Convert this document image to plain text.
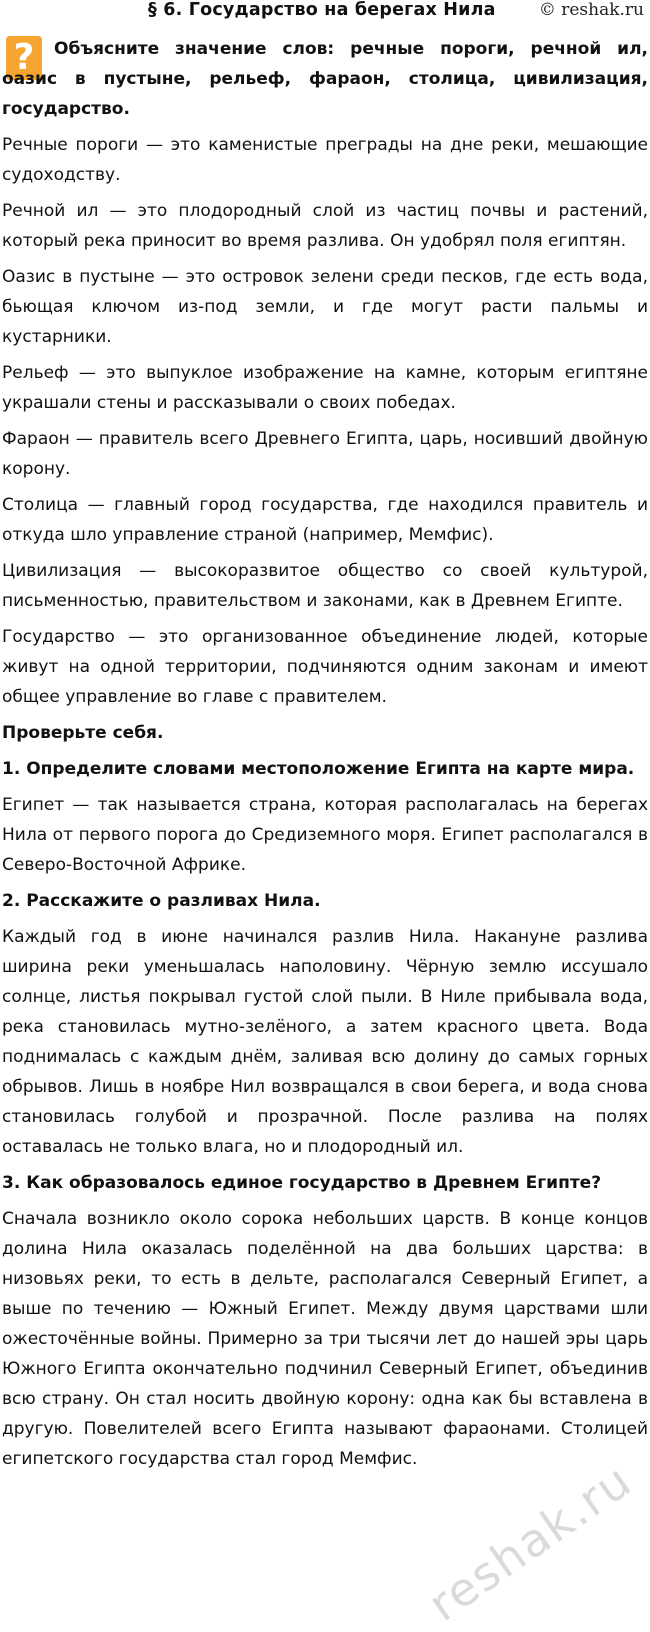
§ 6. Государство на берегах Нила	© reshak.ru
?	Объясните значение слов: речные пороги, речной ил, оазис в пустыне, рельеф, фараон, столица, цивилизация, государство.

Речные пороги — это каменистые преграды на дне реки, мешающие судоходству.

Речной ил — это плодородный слой из частиц почвы и растений, который река приносит во время разлива. Он удобрял поля египтян.

Оазис в пустыне — это островок зелени среди песков, где есть вода, бьющая ключом из-под земли, и где могут расти пальмы и кустарники.

Рельеф — это выпуклое изображение на камне, которым египтяне украшали стены и рассказывали о своих победах.

Фараон — правитель всего Древнего Египта, царь, носивший двойную корону.

Столица — главный город государства, где находился правитель и откуда шло управление страной (например, Мемфис).

Цивилизация — высокоразвитое общество со своей культурой, письменностью, правительством и законами, как в Древнем Египте.

Государство — это организованное объединение людей, которые живут на одной территории, подчиняются одним законам и имеют общее управление во главе с правителем.

Проверьте себя.
1. Определите словами местоположение Египта на карте мира.

Египет — так называется страна, которая располагалась на берегах Нила от первого порога до Средиземного моря. Египет располагался в Северо-Восточной Африке.

2. Расскажите о разливах Нила.

Каждый год в июне начинался разлив Нила. Накануне разлива ширина реки уменьшалась наполовину. Чёрную землю иссушало солнце, листья покрывал густой слой пыли. В Ниле прибывала вода, река становилась мутно-зелёного, а затем красного цвета. Вода поднималась с каждым днём, заливая всю долину до самых горных обрывов. Лишь в ноябре Нил возвращался в свои берега, и вода снова становилась голубой и прозрачной. После разлива на полях оставалась не только влага, но и плодородный ил.

3. Как образовалось единое государство в Древнем Египте?

Сначала возникло около сорока небольших царств. В конце концов долина Нила оказалась поделённой на два больших царства: в низовьях реки, то есть в дельте, располагался Северный Египет, а выше по течению — Южный Египет. Между двумя царствами шли ожесточённые войны. Примерно за три тысячи лет до нашей эры царь Южного Египта окончательно подчинил Северный Египет, объединив всю страну. Он стал носить двойную корону: одна как бы вставлена в другую. Повелителей всего Египта называют фараонами. Столицей египетского государства стал город Мемфис. reshak.ru
